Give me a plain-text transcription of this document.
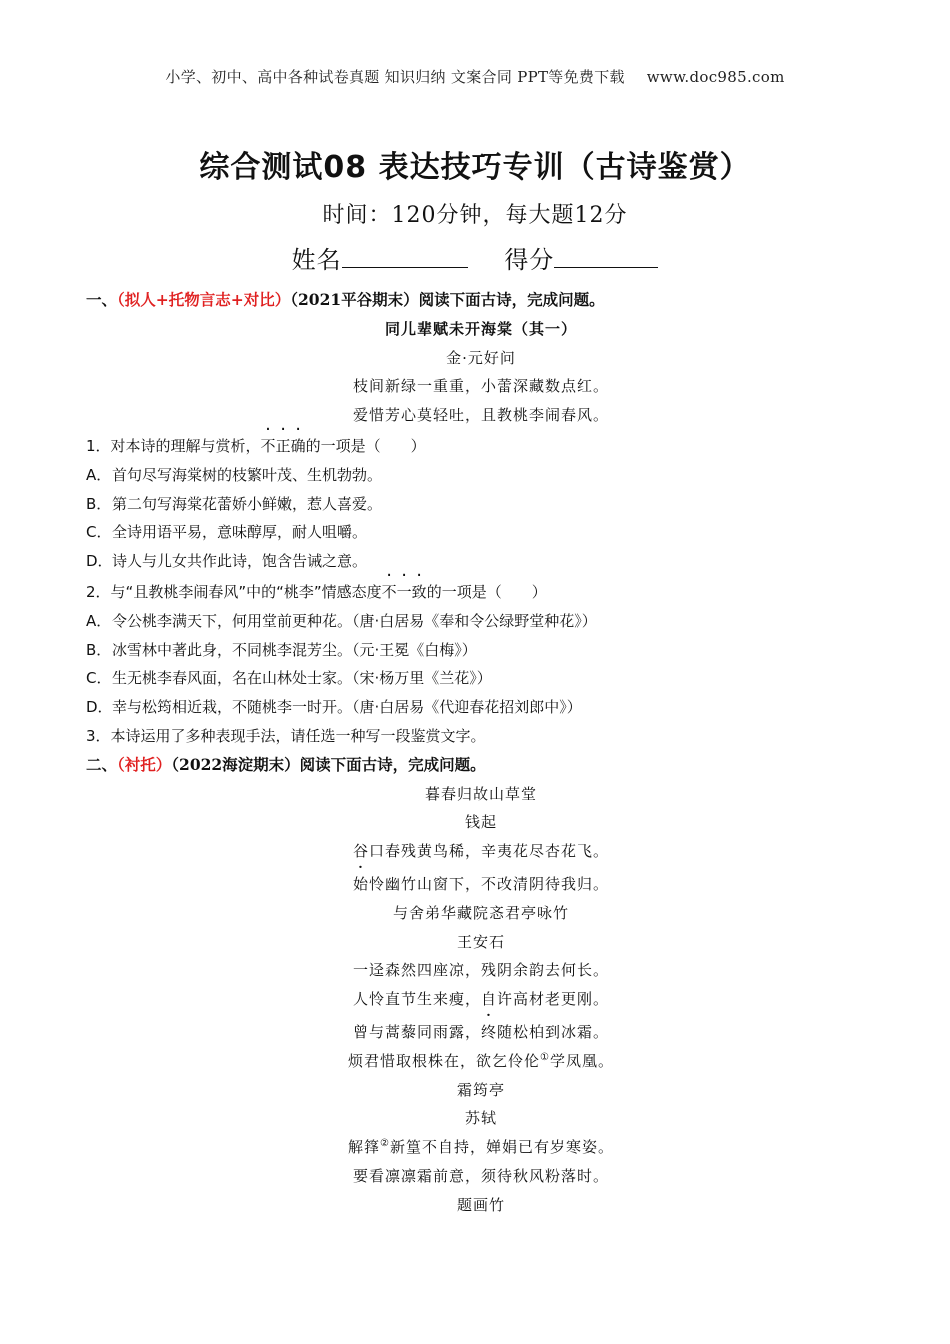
小学、初中、高中各种试卷真题 知识归纳 文案合同 PPT等免费下载 www.doc985.com
综合测试08 表达技巧专训（古诗鉴赏）
时间：120分钟，每大题12分
姓名	得分
一、（拟人+托物言志+对比）（2021平谷期末）阅读下面古诗，完成问题。
同儿辈赋未开海棠（其一）
金·元好问
枝间新绿一重重，小蕾深藏数点红。
爱惜芳心莫轻吐，且教桃李闹春风。
1．对本诗的理解与赏析，不正确的一项是（　　）
A．首句尽写海棠树的枝繁叶茂、生机勃勃。
B．第二句写海棠花蕾娇小鲜嫩，惹人喜爱。
C．全诗用语平易，意味醇厚，耐人咀嚼。
D．诗人与儿女共作此诗，饱含告诫之意。
2．与“且教桃李闹春风”中的“桃李”情感态度不一致的一项是（　　）
A．令公桃李满天下，何用堂前更种花。（唐·白居易《奉和令公绿野堂种花》）
B．冰雪林中著此身，不同桃李混芳尘。（元·王冕《白梅》）
C．生无桃李春风面，名在山林处士家。（宋·杨万里《兰花》）
D．幸与松筠相近栽，不随桃李一时开。（唐·白居易《代迎春花招刘郎中》）
3．本诗运用了多种表现手法，请任选一种写一段鉴赏文字。
二、（衬托）（2022海淀期末）阅读下面古诗，完成问题。
暮春归故山草堂
钱起
谷口春残黄鸟稀，辛夷花尽杏花飞。
始怜幽竹山窗下，不改清阴待我归。
与舍弟华藏院忞君亭咏竹
王安石
一迳森然四座凉，残阴余韵去何长。
人怜直节生来瘦，自许高材老更刚。
曾与蒿藜同雨露，终随松柏到冰霜。
烦君惜取根株在，欲乞伶伦①学凤凰。
霜筠亭
苏轼
解箨②新篁不自持，婵娟已有岁寒姿。
要看凛凛霜前意，须待秋风粉落时。
题画竹
